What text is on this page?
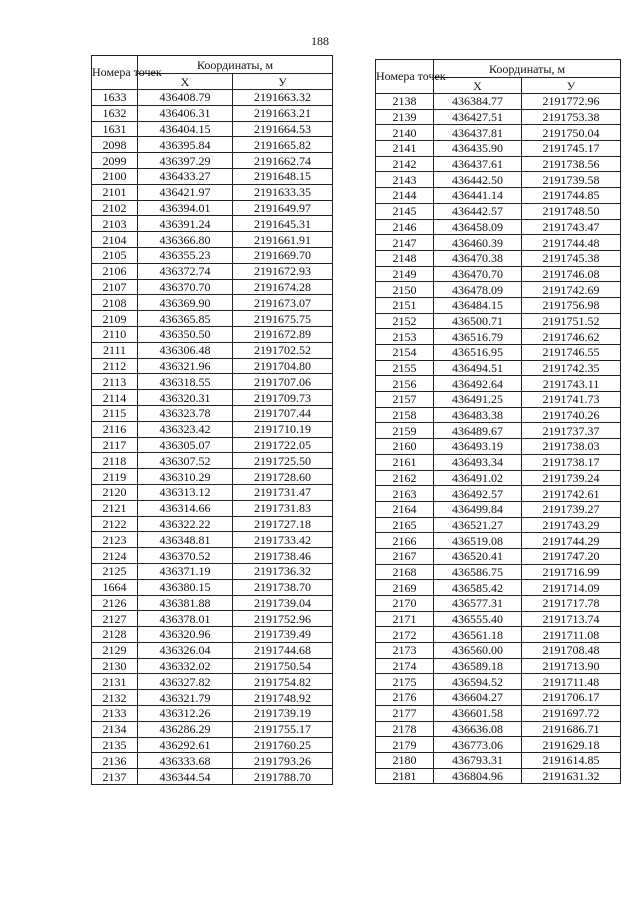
188
Номера точек	Координаты, м	
	X	У
1633	436408.79	2191663.32
1632	436406.31	2191663.21
1631	436404.15	2191664.53
2098	436395.84	2191665.82
2099	436397.29	2191662.74
2100	436433.27	2191648.15
2101	436421.97	2191633.35
2102	436394.01	2191649.97
2103	436391.24	2191645.31
2104	436366.80	2191661.91
2105	436355.23	2191669.70
2106	436372.74	2191672.93
2107	436370.70	2191674.28
2108	436369.90	2191673.07
2109	436365.85	2191675.75
2110	436350.50	2191672.89
2111	436306.48	2191702.52
2112	436321.96	2191704.80
2113	436318.55	2191707.06
2114	436320.31	2191709.73
2115	436323.78	2191707.44
2116	436323.42	2191710.19
2117	436305.07	2191722.05
2118	436307.52	2191725.50
2119	436310.29	2191728.60
2120	436313.12	2191731.47
2121	436314.66	2191731.83
2122	436322.22	2191727.18
2123	436348.81	2191733.42
2124	436370.52	2191738.46
2125	436371.19	2191736.32
1664	436380.15	2191738.70
2126	436381.88	2191739.04
2127	436378.01	2191752.96
2128	436320.96	2191739.49
2129	436326.04	2191744.68
2130	436332.02	2191750.54
2131	436327.82	2191754.82
2132	436321.79	2191748.92
2133	436312.26	2191739.19
2134	436286.29	2191755.17
2135	436292.61	2191760.25
2136	436333.68	2191793.26
2137	436344.54	2191788.70
Номера точек	Координаты, м	
	X	У
2138	436384.77	2191772.96
2139	436427.51	2191753.38
2140	436437.81	2191750.04
2141	436435.90	2191745.17
2142	436437.61	2191738.56
2143	436442.50	2191739.58
2144	436441.14	2191744.85
2145	436442.57	2191748.50
2146	436458.09	2191743.47
2147	436460.39	2191744.48
2148	436470.38	2191745.38
2149	436470.70	2191746.08
2150	436478.09	2191742.69
2151	436484.15	2191756.98
2152	436500.71	2191751.52
2153	436516.79	2191746.62
2154	436516.95	2191746.55
2155	436494.51	2191742.35
2156	436492.64	2191743.11
2157	436491.25	2191741.73
2158	436483.38	2191740.26
2159	436489.67	2191737.37
2160	436493.19	2191738.03
2161	436493.34	2191738.17
2162	436491.02	2191739.24
2163	436492.57	2191742.61
2164	436499.84	2191739.27
2165	436521.27	2191743.29
2166	436519.08	2191744.29
2167	436520.41	2191747.20
2168	436586.75	2191716.99
2169	436585.42	2191714.09
2170	436577.31	2191717.78
2171	436555.40	2191713.74
2172	436561.18	2191711.08
2173	436560.00	2191708.48
2174	436589.18	2191713.90
2175	436594.52	2191711.48
2176	436604.27	2191706.17
2177	436601.58	2191697.72
2178	436636.08	2191686.71
2179	436773.06	2191629.18
2180	436793.31	2191614.85
2181	436804.96	2191631.32
